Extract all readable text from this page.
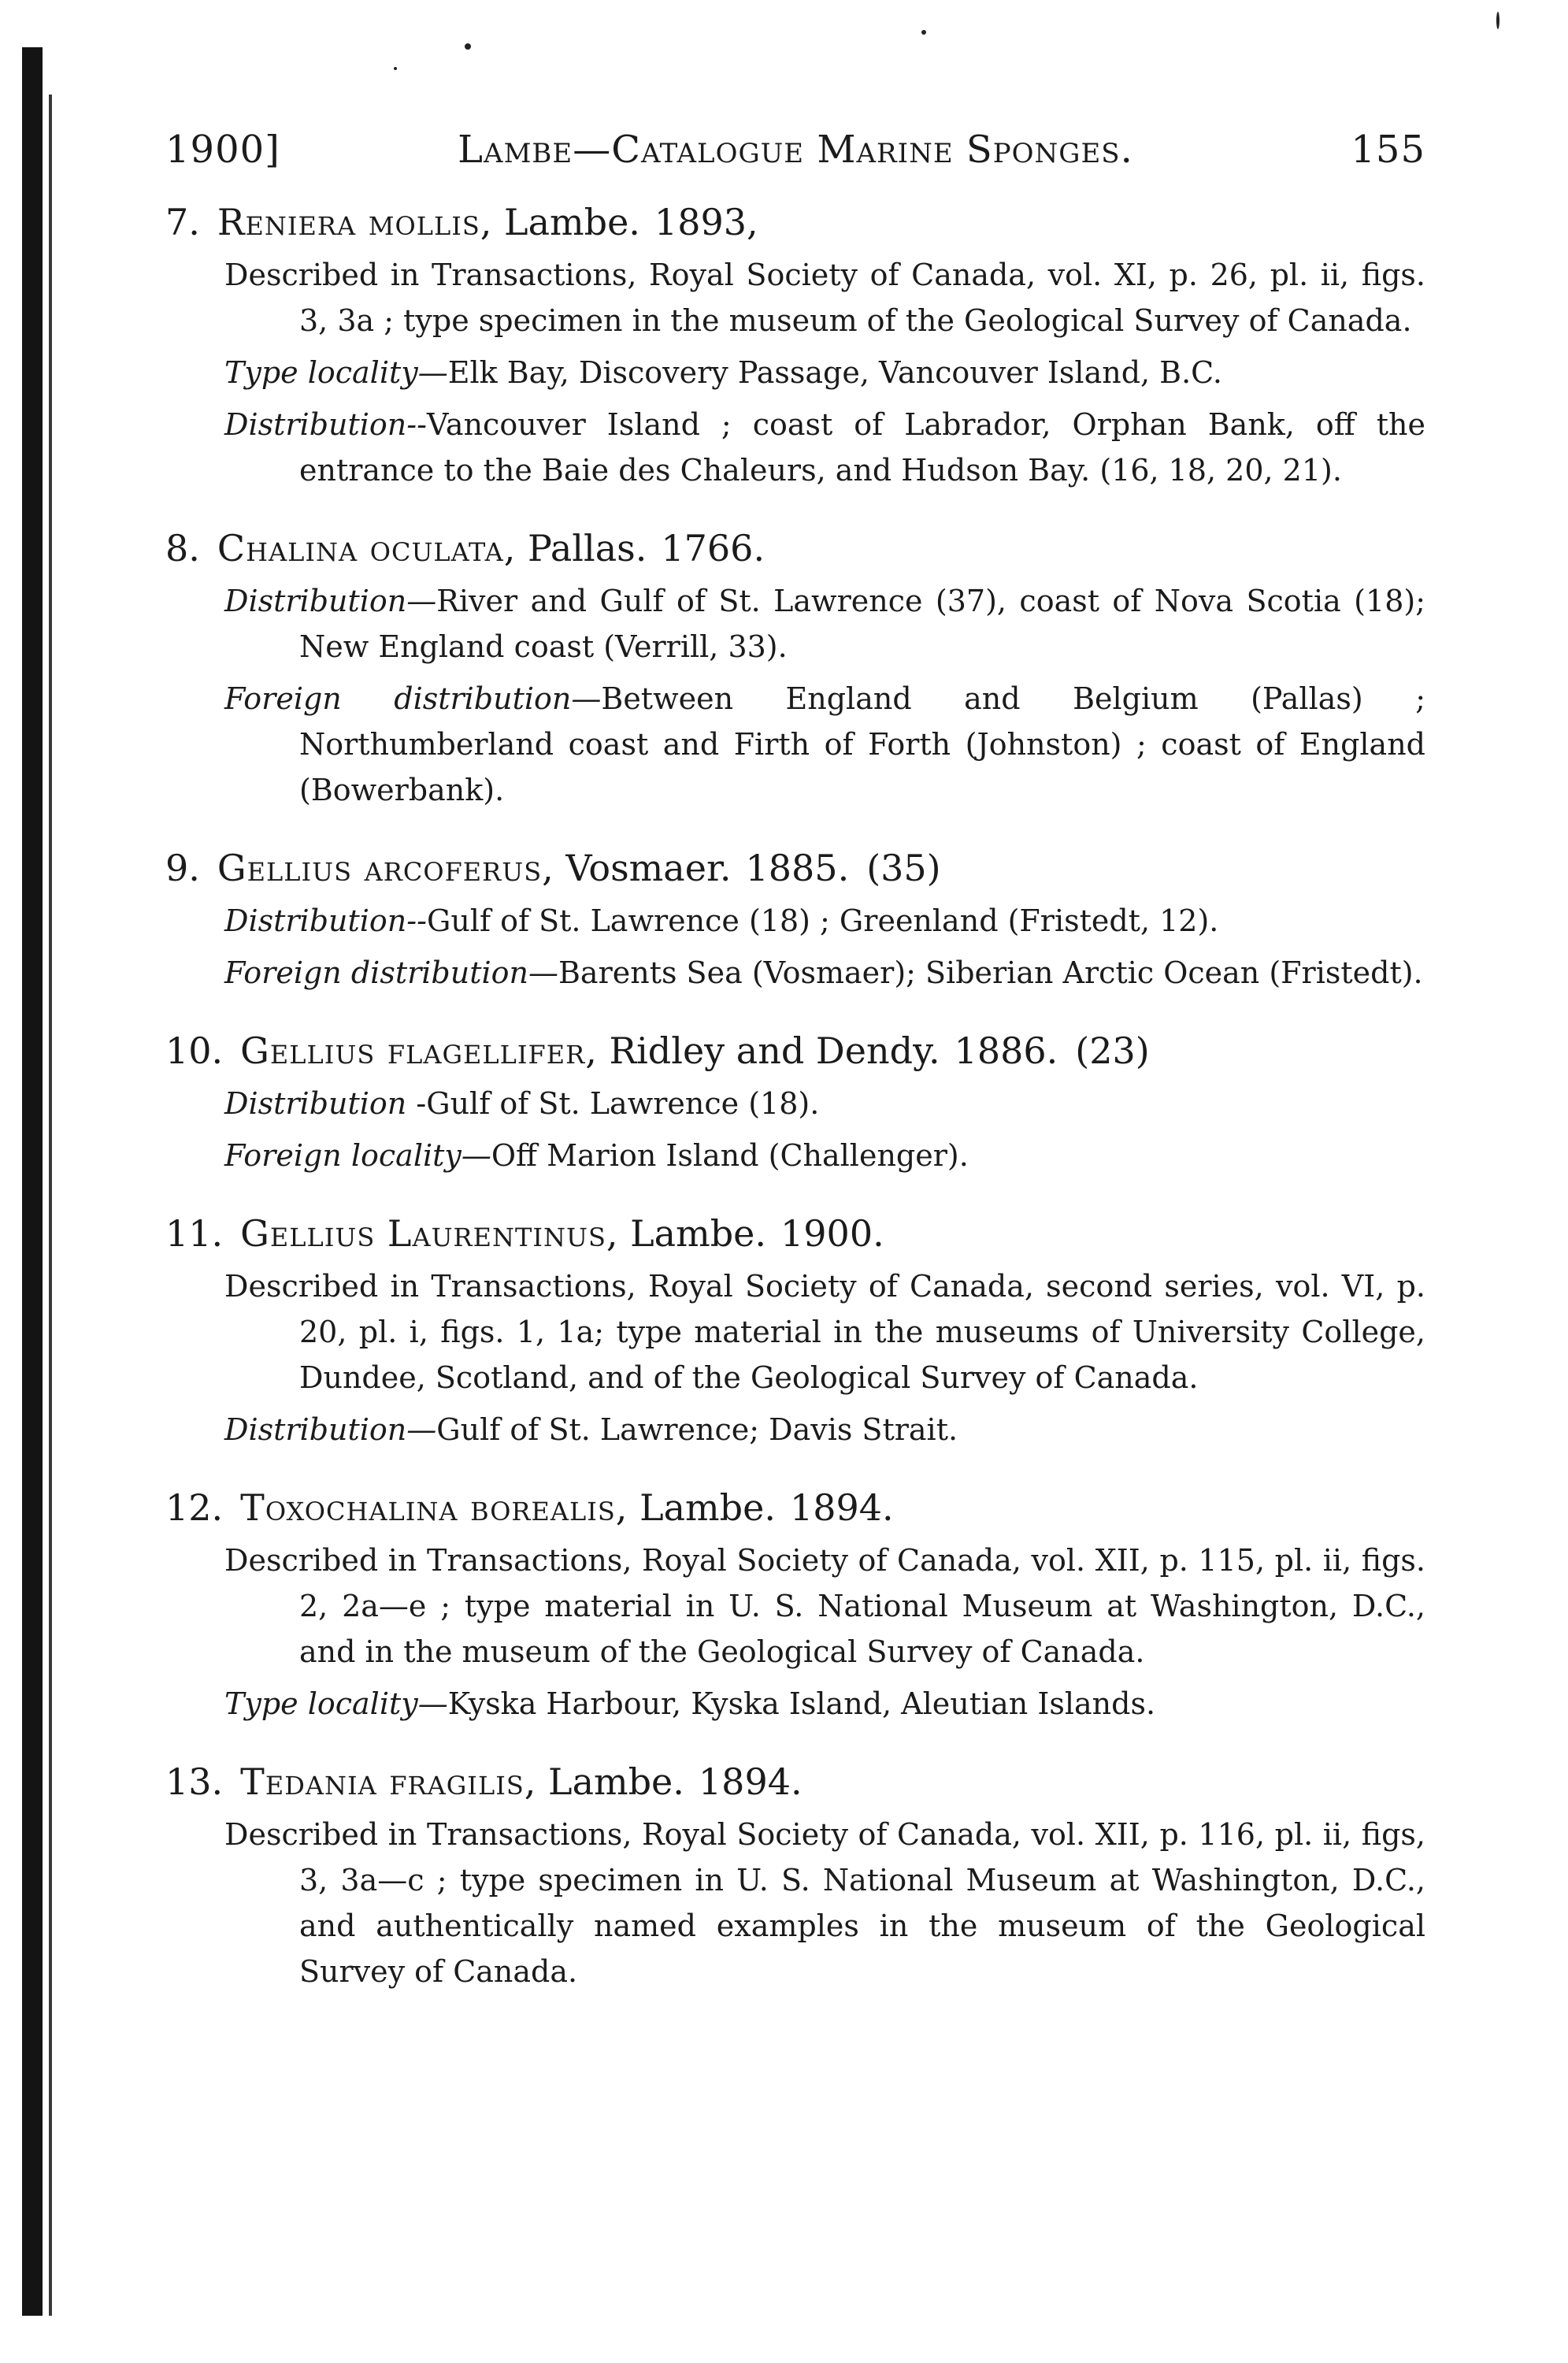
1900]	Lambe—Catalogue Marine Sponges.	155
7. Reniera mollis, Lambe. 1893,

Described in Transactions, Royal Society of Canada, vol. XI, p. 26, pl. ii, figs. 3, 3a ; type specimen in the museum of the Geological Survey of Canada.

Type locality—Elk Bay, Discovery Passage, Vancouver Island, B.C.

Distribution--Vancouver Island ; coast of Labrador, Orphan Bank, off the entrance to the Baie des Chaleurs, and Hudson Bay. (16, 18, 20, 21).

8. Chalina oculata, Pallas. 1766.

Distribution—River and Gulf of St. Lawrence (37), coast of Nova Scotia (18); New England coast (Verrill, 33).

Foreign distribution—Between England and Belgium (Pallas) ; Northumberland coast and Firth of Forth (Johnston) ; coast of England (Bowerbank).

9. Gellius arcoferus, Vosmaer. 1885. (35)

Distribution--Gulf of St. Lawrence (18) ; Greenland (Fristedt, 12).

Foreign distribution—Barents Sea (Vosmaer); Siberian Arctic Ocean (Fristedt).

10. Gellius flagellifer, Ridley and Dendy. 1886. (23)

Distribution -Gulf of St. Lawrence (18).

Foreign locality—Off Marion Island (Challenger).

11. Gellius Laurentinus, Lambe. 1900.

Described in Transactions, Royal Society of Canada, second series, vol. VI, p. 20, pl. i, figs. 1, 1a; type material in the museums of University College, Dundee, Scotland, and of the Geological Survey of Canada.

Distribution—Gulf of St. Lawrence; Davis Strait.

12. Toxochalina borealis, Lambe. 1894.

Described in Transactions, Royal Society of Canada, vol. XII, p. 115, pl. ii, figs. 2, 2a—e ; type material in U. S. National Museum at Washington, D.C., and in the museum of the Geological Survey of Canada.

Type locality—Kyska Harbour, Kyska Island, Aleutian Islands.

13. Tedania fragilis, Lambe. 1894.

Described in Transactions, Royal Society of Canada, vol. XII, p. 116, pl. ii, figs, 3, 3a—c ; type specimen in U. S. National Museum at Washington, D.C., and authentically named examples in the museum of the Geological Survey of Canada.
